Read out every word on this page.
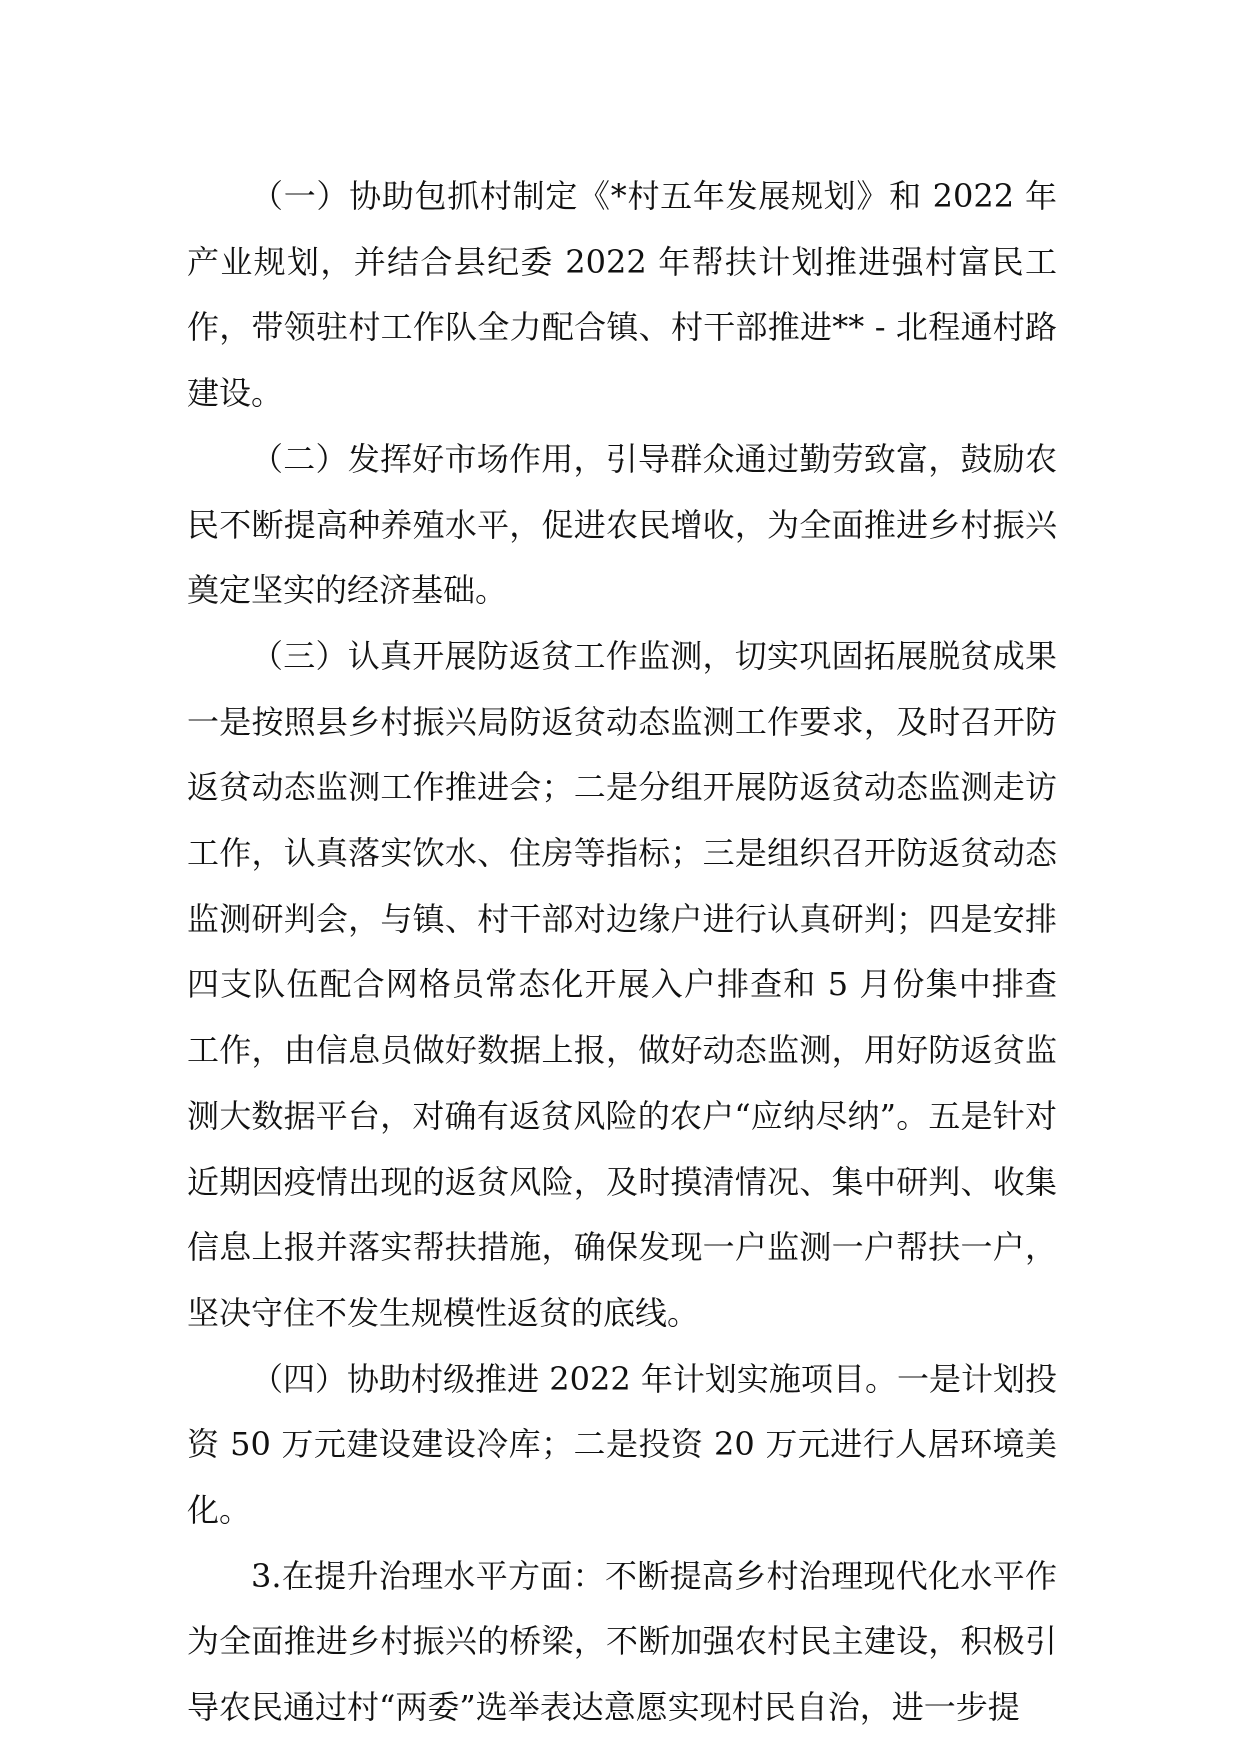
（一）协助包抓村制定《*村五年发展规划》和 2022 年产业规划，并结合县纪委 2022 年帮扶计划推进强村富民工作，带领驻村工作队全力配合镇、村干部推进** - 北程通村路建设。

（二）发挥好市场作用，引导群众通过勤劳致富，鼓励农民不断提高种养殖水平，促进农民增收，为全面推进乡村振兴奠定坚实的经济基础。

（三）认真开展防返贫工作监测，切实巩固拓展脱贫成果一是按照县乡村振兴局防返贫动态监测工作要求，及时召开防返贫动态监测工作推进会；二是分组开展防返贫动态监测走访工作，认真落实饮水、住房等指标；三是组织召开防返贫动态监测研判会，与镇、村干部对边缘户进行认真研判；四是安排四支队伍配合网格员常态化开展入户排查和 5 月份集中排查工作，由信息员做好数据上报，做好动态监测，用好防返贫监测大数据平台，对确有返贫风险的农户“应纳尽纳”。五是针对近期因疫情出现的返贫风险，及时摸清情况、集中研判、收集信息上报并落实帮扶措施，确保发现一户监测一户帮扶一户，坚决守住不发生规模性返贫的底线。

（四）协助村级推进 2022 年计划实施项目。一是计划投资 50 万元建设建设冷库；二是投资 20 万元进行人居环境美化。

3.在提升治理水平方面：不断提高乡村治理现代化水平作为全面推进乡村振兴的桥梁，不断加强农村民主建设，积极引导农民通过村“两委”选举表达意愿实现村民自治，进一步提
